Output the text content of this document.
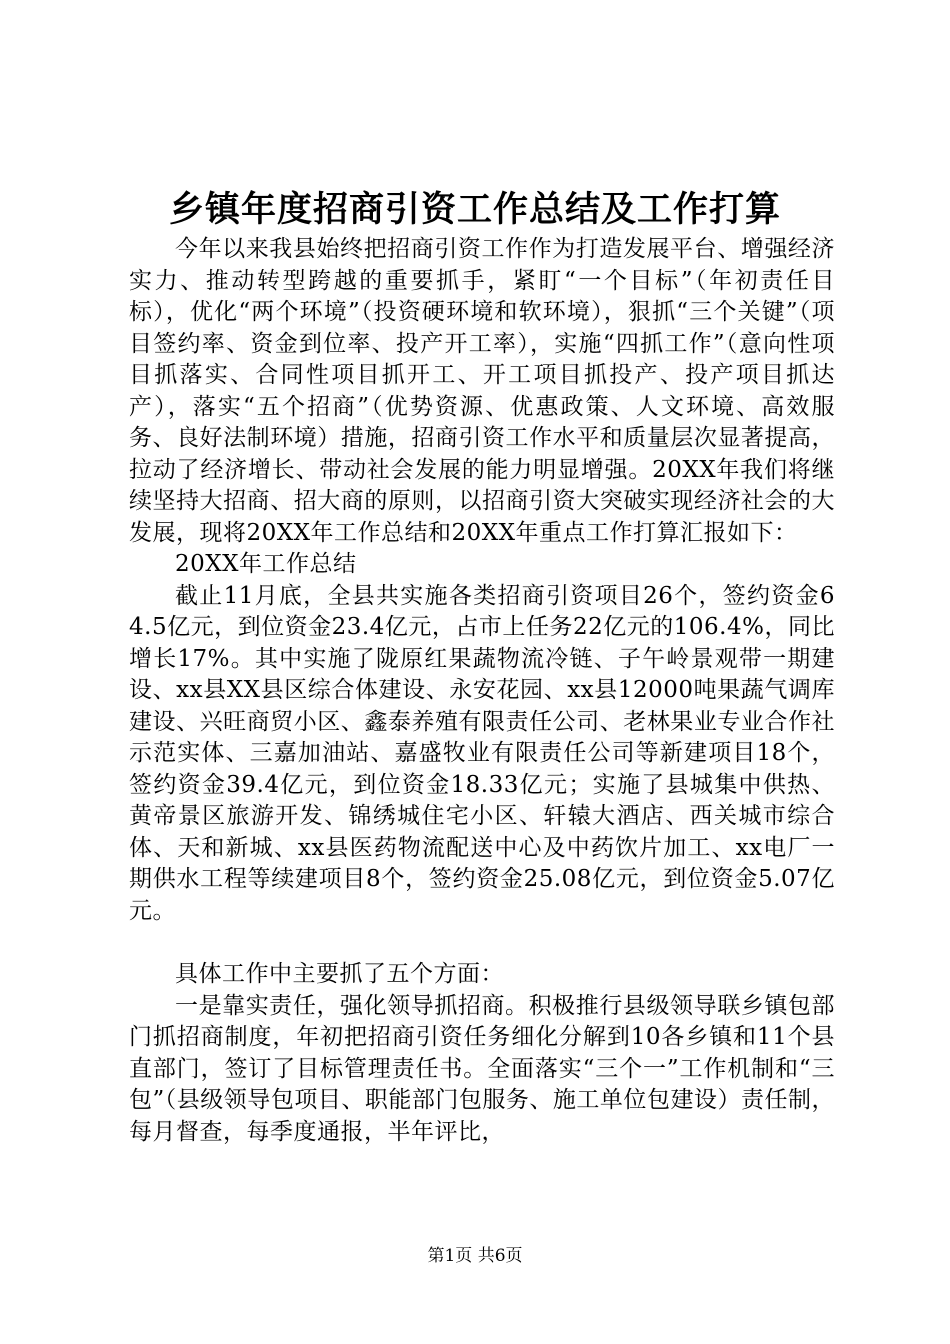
乡镇年度招商引资工作总结及工作打算

今年以来我县始终把招商引资工作作为打造发展平台、增强经济实力、推动转型跨越的重要抓手，紧盯“一个目标”（年初责任目标），优化“两个环境”（投资硬环境和软环境），狠抓“三个关键”（项目签约率、资金到位率、投产开工率），实施“四抓工作”（意向性项目抓落实、合同性项目抓开工、开工项目抓投产、投产项目抓达产），落实“五个招商”（优势资源、优惠政策、人文环境、高效服务、良好法制环境）措施，招商引资工作水平和质量层次显著提高，拉动了经济增长、带动社会发展的能力明显增强。20XX年我们将继续坚持大招商、招大商的原则，以招商引资大突破实现经济社会的大发展，现将20XX年工作总结和20XX年重点工作打算汇报如下：

20XX年工作总结

截止11月底，全县共实施各类招商引资项目26个，签约资金64.5亿元，到位资金23.4亿元，占市上任务22亿元的106.4%，同比增长17%。其中实施了陇原红果蔬物流冷链、子午岭景观带一期建设、xx县XX县区综合体建设、永安花园、xx县12000吨果蔬气调库建设、兴旺商贸小区、鑫泰养殖有限责任公司、老林果业专业合作社示范实体、三嘉加油站、嘉盛牧业有限责任公司等新建项目18个，签约资金39.4亿元，到位资金18.33亿元；实施了县城集中供热、黄帝景区旅游开发、锦绣城住宅小区、轩辕大酒店、西关城市综合体、天和新城、xx县医药物流配送中心及中药饮片加工、xx电厂一期供水工程等续建项目8个，签约资金25.08亿元，到位资金5.07亿元。

具体工作中主要抓了五个方面：

一是靠实责任，强化领导抓招商。积极推行县级领导联乡镇包部门抓招商制度，年初把招商引资任务细化分解到10各乡镇和11个县直部门，签订了目标管理责任书。全面落实“三个一”工作机制和“三包”（县级领导包项目、职能部门包服务、施工单位包建设）责任制，每月督查，每季度通报，半年评比，

第1页 共6页
